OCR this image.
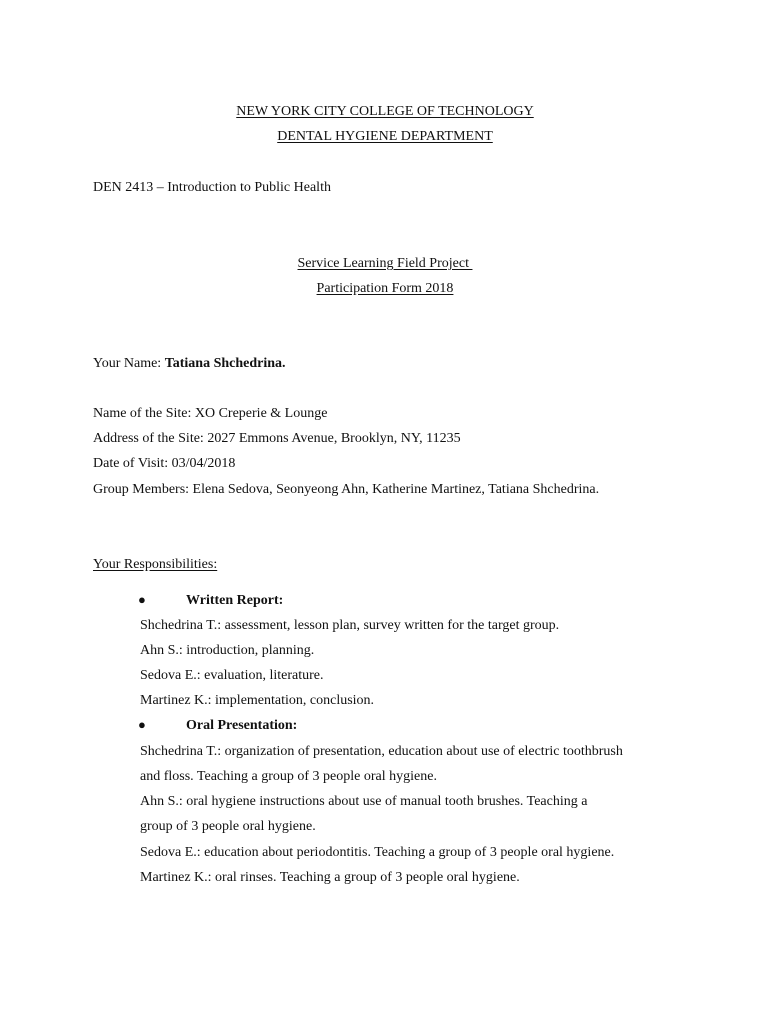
NEW YORK CITY COLLEGE OF TECHNOLOGY
DENTAL HYGIENE DEPARTMENT
DEN 2413 – Introduction to Public Health
Service Learning Field Project
Participation Form 2018
Your Name: Tatiana Shchedrina.
Name of the Site: XO Creperie & Lounge
Address of the Site: 2027 Emmons Avenue, Brooklyn, NY, 11235
Date of Visit: 03/04/2018
Group Members: Elena Sedova, Seonyeong Ahn, Katherine Martinez, Tatiana Shchedrina.
Your Responsibilities:
●	Written Report:
Shchedrina T.: assessment, lesson plan, survey written for the target group.
Ahn S.: introduction, planning.
Sedova E.: evaluation, literature.
Martinez K.: implementation, conclusion.
●	Oral Presentation:
Shchedrina T.: organization of presentation, education about use of electric toothbrush
and floss. Teaching a group of 3 people oral hygiene.
Ahn S.: oral hygiene instructions about use of manual tooth brushes. Teaching a
group of 3 people oral hygiene.
Sedova E.: education about periodontitis. Teaching a group of 3 people oral hygiene.
Martinez K.: oral rinses. Teaching a group of 3 people oral hygiene.
